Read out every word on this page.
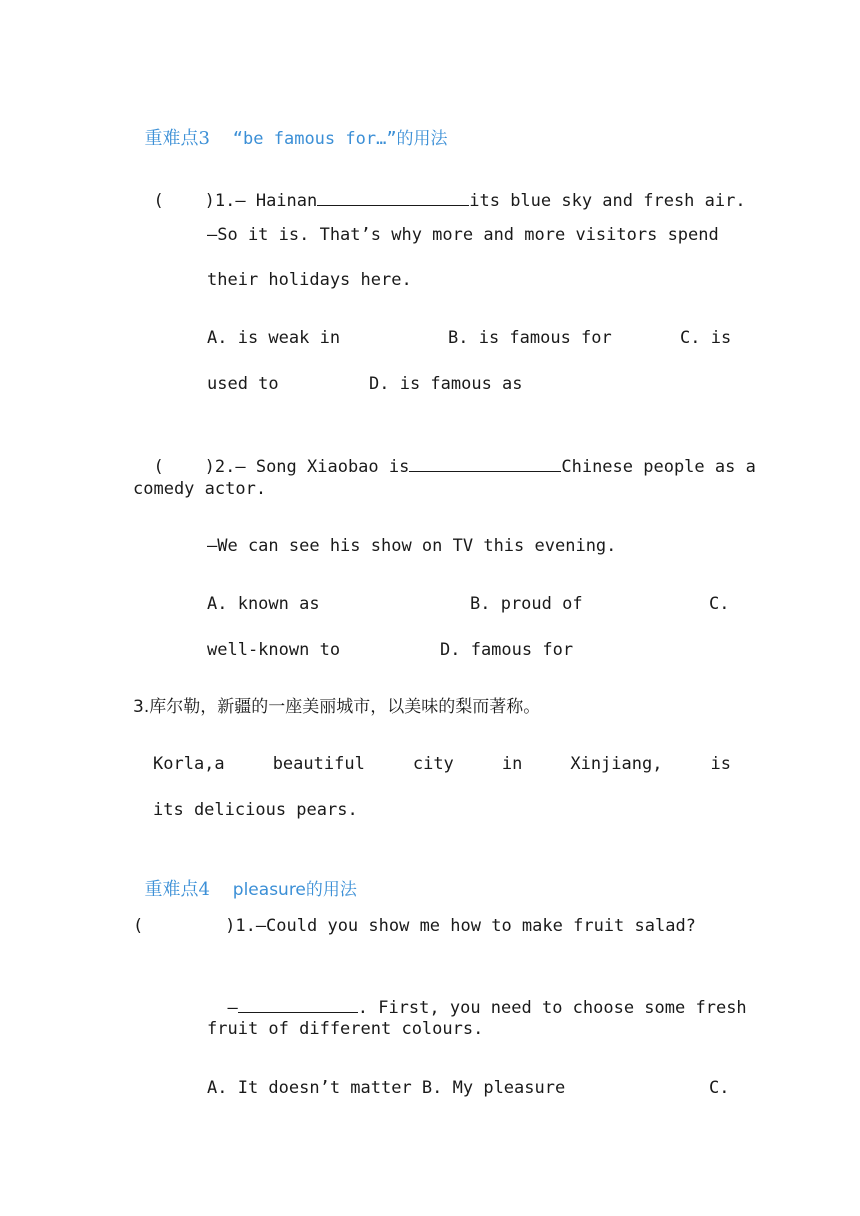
重难点3 “be famous for…”的用法

(    )1.— Hainan	its blue sky and fresh air.

—So it is. That’s why more and more visitors spend
their holidays here.
A. is weak in	B. is famous for	C. is
used to	D. is famous as

(    )2.— Song Xiaobao is	Chinese people as a

comedy actor.
—We can see his show on TV this evening.
A. known as	B. proud of	C.
well-known to	D. famous for
3.库尔勒，新疆的一座美丽城市，以美味的梨而著称。
Korla,a	beautiful	city	in	Xinjiang,	is
its delicious pears.

重难点4 pleasure的用法

(        )1.—Could you show me how to make fruit salad?

—	. First, you need to choose some fresh

fruit of different colours.
A. It doesn’t matter B. My pleasure	C.
